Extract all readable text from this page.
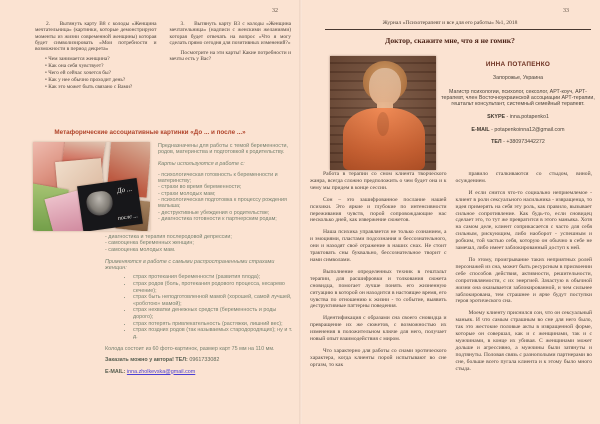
32

2.    Вытянуть карту В8 с колоды «Женщина мечтательница» (картинки, которые демонстрируют моменты из жизни современной женщины) которая будет символизировать «Мои потребности и возможности в период декрета»

• Чем занимается женщина?
• Как она себя чувствует?
• Чего ей сейчас хочется бы?
• Как у нее обычно проходит день?
• Как это может быть связано с Вами?

3.    Вытянуть карту В3 с колоды «Женщина мечтательница» (надписи с женскими желаниями) которая будет отвечать на вопрос «Что я могу сделать прямо сегодня для позитивных изменений?»

Посмотрите на эти карты! Какие потребности и мечты есть у Вас?

Метафорические ассоциативные картинки «До ... и после ...»
До ...
после ...

Предназначены для работы с темой беременности, родов, материнства и подготовкой к родительству.

Карты используются в работе с:

- психологическая готовность к беременности и материнству;
- страхи во время беременности;
- страхи молодых мам;
- психологическая подготовка к процессу рождения малыша;
- деструктивные убеждения о родительстве;
- диагностика готовности к партнерским родам;
- диагностика и терапия послеродовой депрессии;
- самооценка беременных женщин;
- самооценка молодых мам.
Применяются в работе с самыми распространенными страхами женщин:
• страх протекания беременности (развития плода);
• страх родов (боль, протекания родового процесса, кесарево сечение);
• страх быть неподготовленной мамой (хорошей, самой лучшей, «роботою» мамой);
• страх нехватки денежных средств (беременность и роды дорого);
• страх потерять привлекательность (растяжки, лишний вес);
• страх поздних родов (так называемых стародородящих); ну и т. д.
Колода состоит из 60 фото-картинок, размер карт 75 мм на 110 мм.
Заказать можно у автора! ТЕЛ: 0961733082
E-MAIL: inna.zholkevska@gmail.com
33
Журнал «Психотерапевт и все для его работы» №1, 2018
Доктор, скажите мне, что я не гомик?
ИННА ПОТАПЕНКО
Запорожье, Украина
Магистр психологии, психолог, сексолог, АРТ-коуч, АРТ-терапевт, член Восточноукраинской ассоциации АРТ-терапии, гештальт консультант, системный семейный терапевт.
SKYPE - inna.potapenko1
E-MAIL - potapenkoinna12@gmail.com
ТЕЛ - +380973442272

Работа в терапии со сном клиента творческого жанра, всегда сложно предположить о чем будет она и к чему мы придем в конце сессии.

Сон – это зашифрованное послание нашей психики. Это яркие и глубокие по интенсивности переживания чувств, порой сопровождающие нас несколько дней, как извержение сюжетов.

Наша психика управляется не только сознанием, а и эмоциями, пластами подсознания и бессознательного, они и находят своё отражение в наших снах. Не стоит трактовать сны буквально, бессознательное творит с нами символами.

Выполнение определенных техник в гештальт терапии, для расшифровки и толкования сюжета сновидца, помогает лучше понять его жизненную ситуацию в которой он находится в настоящее время, его чувства по отношению к жизни - то событие, выявить деструктивные паттерны поведения.

Идентификация с образами сна своего сновидца и превращение их же сюжетов, с возможностью их изменения в положительном ключе для него, получает новый опыт взаимодействия с миром.

Что характерно для работы со снами эротического характера, когда клиенты порой испытывают во сне оргазм, то как

правило сталкиваются со стыдом, виной, осуждением.

И если снится что-то социально неприемлемое - клиент в роли сексуального насильника - извращенца, то идея примерять на себя эту роль, как правило, вызывает сильное сопротивление. Как будь-то, если сновидец сделает это, то тут же превратится в этого маньяка. Хотя на самом деле, клиент соприкасается с часто для себя сильным, рискующим, либо наоборот - успешным и робким, той частью себя, которую он обычно в себе не замечал, либо имеет заблокированный доступ к ней.

По этому, проигрывание таких неприятных ролей персонажей из сна, может быть ресурсным в присвоении себе способов действия, активности, решительности, сопротивляемости, с их энергией. Зачастую в обычной жизни она оказывается заблокированной, и чем сильнее заблокирована, тем страшнее и ярче будут поступки героя эротического сна.

Моему клиенту приснился сон, что он сексуальный маньяк. И что самым страшным во сне для него было, так это жестокие половые акты в извращенной форме, которые он совершал, как и с женщинами, так и с мужчинами, в конце их убивая. С женщинами может дольше и агрессивно, а мужчины были затянуты и подтянуты. Половая связь с разнополыми партнерами во сне, больше всего пугала клиента и к этому было много стыда.
